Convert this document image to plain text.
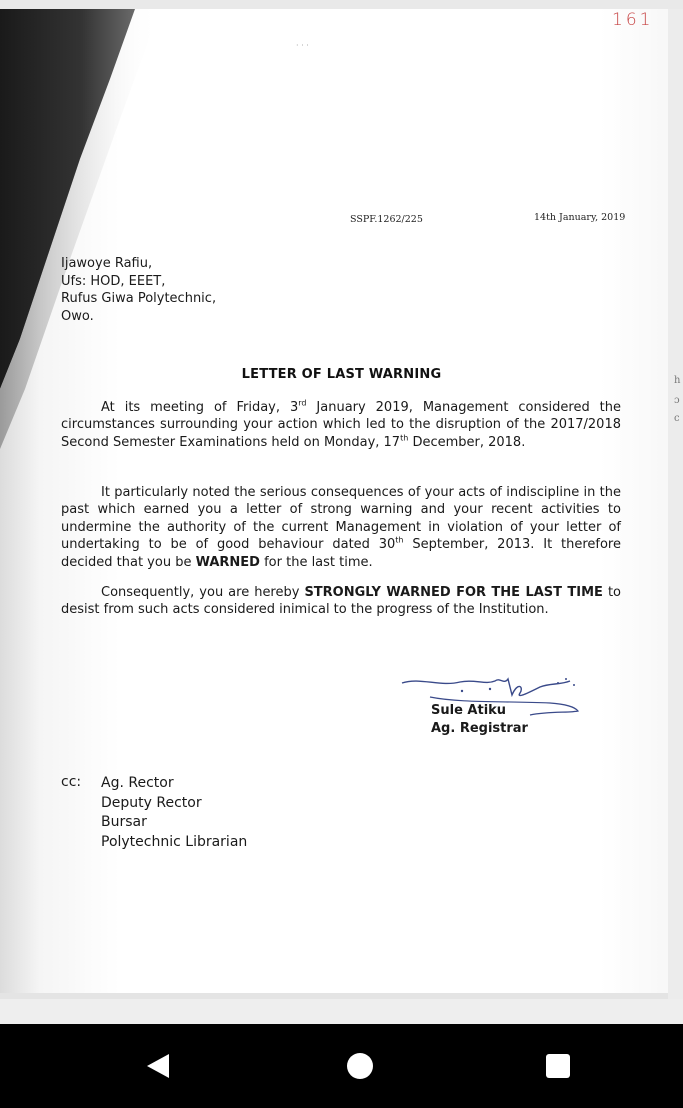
h
ɔ
c
161
· · ·
SSPF.1262/225	14th January, 2019
Ijawoye Rafiu,
Ufs: HOD, EEET,
Rufus Giwa Polytechnic,
Owo.
LETTER OF LAST WARNING
At its meeting of Friday, 3rd January 2019, Management considered the circumstances surrounding your action which led to the disruption of the 2017/2018 Second Semester Examinations held on Monday, 17th December, 2018.
It particularly noted the serious consequences of your acts of indiscipline in the past which earned you a letter of strong warning and your recent activities to undermine the authority of the current Management in violation of your letter of undertaking to be of good behaviour dated 30th September, 2013. It therefore decided that you be WARNED for the last time.
Consequently, you are hereby STRONGLY WARNED FOR THE LAST TIME to desist from such acts considered inimical to the progress of the Institution.
Sule Atiku
Ag. Registrar
cc: Ag. Rector
Deputy Rector
Bursar
Polytechnic Librarian
